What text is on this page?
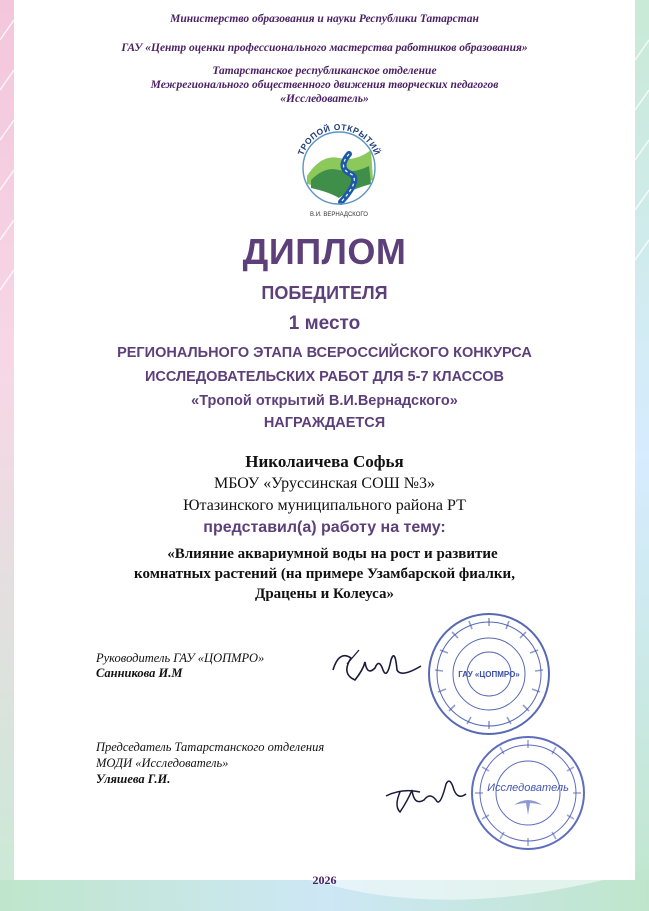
Министерство образования и науки Республики Татарстан
ГАУ «Центр оценки профессионального мастерства работников образования»
Татарстанское республиканское отделение
Межрегионального общественного движения творческих педагогов
«Исследователь»
ТРОПОЙ ОТКРЫТИЙ
В.И. ВЕРНАДСКОГО
ДИПЛОМ
ПОБЕДИТЕЛЯ
1 место
РЕГИОНАЛЬНОГО ЭТАПА ВСЕРОССИЙСКОГО КОНКУРСА
ИССЛЕДОВАТЕЛЬСКИХ РАБОТ ДЛЯ 5-7 КЛАССОВ
«Тропой открытий В.И.Вернадского»
НАГРАЖДАЕТСЯ
Николаичева Софья
МБОУ «Уруссинская СОШ №3»
Ютазинского муниципального района РТ
представил(а) работу на тему:
«Влияние аквариумной воды на рост и развитие
комнатных растений (на примере Узамбарской фиалки,
Драцены и Колеуса»
Руководитель ГАУ «ЦОПМРО»
Санникова И.М	ГАУ «ЦОПМРО»
Председатель Татарстанского отделения
МОДИ «Исследователь»
Уляшева Г.И.
Исследователь
2026
